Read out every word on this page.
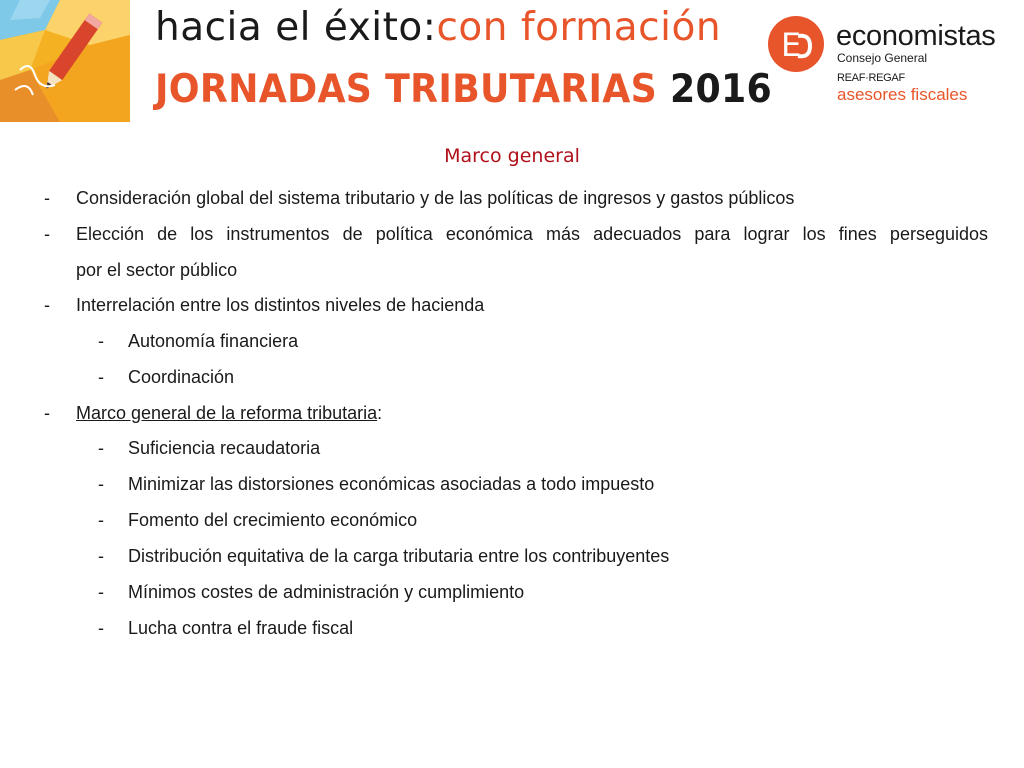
hacia el éxito:con formación
JORNADAS TRIBUTARIAS 2016
E economistas
Consejo General
REAF·REGAF
asesores fiscales
Marco general
- Consideración global del sistema tributario y de las políticas de ingresos y gastos públicos
- Elección de los instrumentos de política económica más adecuados para lograr los fines perseguidos
por el sector público
- Interrelación entre los distintos niveles de hacienda
- Autonomía financiera
- Coordinación
- Marco general de la reforma tributaria:
- Suficiencia recaudatoria
- Minimizar las distorsiones económicas asociadas a todo impuesto
- Fomento del crecimiento económico
- Distribución equitativa de la carga tributaria entre los contribuyentes
- Mínimos costes de administración y cumplimiento
- Lucha contra el fraude fiscal
